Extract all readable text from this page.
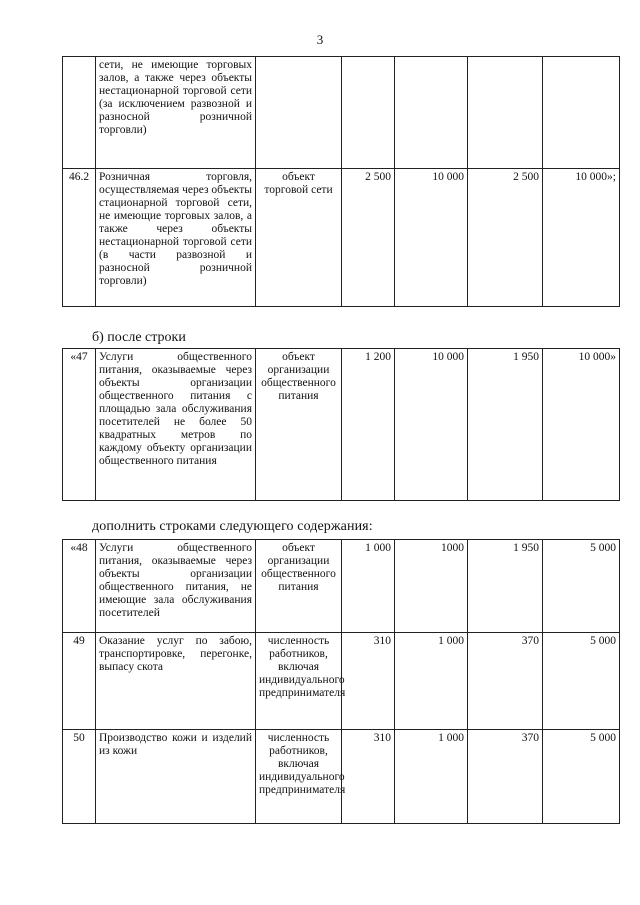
3
	сети, не имеющие торговых залов, а также через объекты нестационарной торговой сети (за исключением развозной и разносной розничной торговли)					
46.2	Розничная торговля, осуществляемая через объекты стационарной торговой сети, не имеющие торговых залов, а также через объекты нестационарной торговой сети (в части развозной и разносной розничной торговли)	объект торговой сети	2 500	10 000	2 500	10 000»;
б) после строки
«47	Услуги общественного питания, оказываемые через объекты организации общественного питания с площадью зала обслуживания посетителей не более 50 квадратных метров по каждому объекту организации общественного питания	объект организации общественного питания	1 200	10 000	1 950	10 000»
дополнить строками следующего содержания:
«48	Услуги общественного питания, оказываемые через объекты организации общественного питания, не имеющие зала обслуживания посетителей	объект организации общественного питания	1 000	1000	1 950	5 000
49	Оказание услуг по забою, транспортировке, перегонке, выпасу скота	численность работников, включая индивидуального предпринимателя	310	1 000	370	5 000
50	Производство кожи и изделий из кожи	численность работников, включая индивидуального предпринимателя	310	1 000	370	5 000
